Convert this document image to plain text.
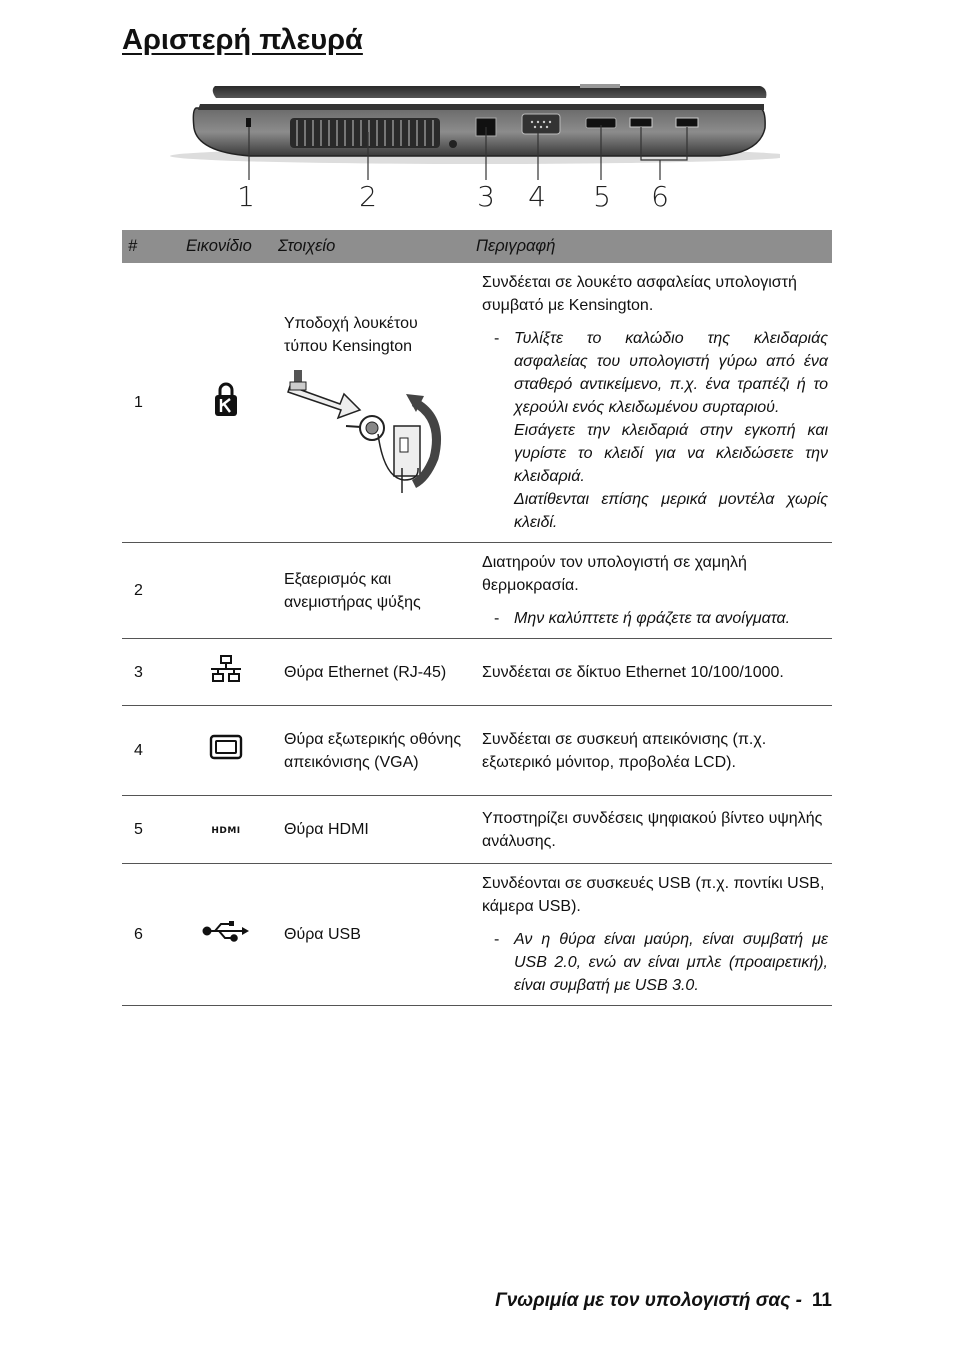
Αριστερή πλευρά
1	2	3 4 5 6
#	Εικονίδιο	Στοιχείο	Περιγραφή
1		Υποδοχή λουκέτου τύπου Kensington	Συνδέεται σε λουκέτο ασφαλείας υπολογιστή συμβατό με Kensington.

- Τυλίξτε το καλώδιο της κλειδαριάς ασφαλείας του υπολογιστή γύρω από ένα σταθερό αντικείμενο, π.χ. ένα τραπέζι ή το χερούλι ενός κλειδωμένου συρταριού.

Εισάγετε την κλειδαριά στην εγκοπή και γυρίστε το κλειδί για να κλειδώσετε την κλειδαριά.

Διατίθενται επίσης μερικά μοντέλα χωρίς κλειδί.

2		Εξαερισμός και ανεμιστήρας ψύξης	Διατηρούν τον υπολογιστή σε χαμηλή θερμοκρασία.

- Μην καλύπτετε ή φράζετε τα ανοίγματα.

3		Θύρα Ethernet (RJ-45)	Συνδέεται σε δίκτυο Ethernet 10/100/1000.
4		Θύρα εξωτερικής οθόνης απεικόνισης (VGA)	Συνδέεται σε συσκευή απεικόνισης (π.χ. εξωτερικό μόνιτορ, προβολέα LCD).
5	HDMI	Θύρα HDMI	Υποστηρίζει συνδέσεις ψηφιακού βίντεο υψηλής ανάλυσης.
6		Θύρα USB	Συνδέονται σε συσκευές USB (π.χ. ποντίκι USB, κάμερα USB).

- Αν η θύρα είναι μαύρη, είναι συμβατή με USB 2.0, ενώ αν είναι μπλε (προαιρετική), είναι συμβατή με USB 3.0.

Γνωριμία με τον υπολογιστή σας - 11
